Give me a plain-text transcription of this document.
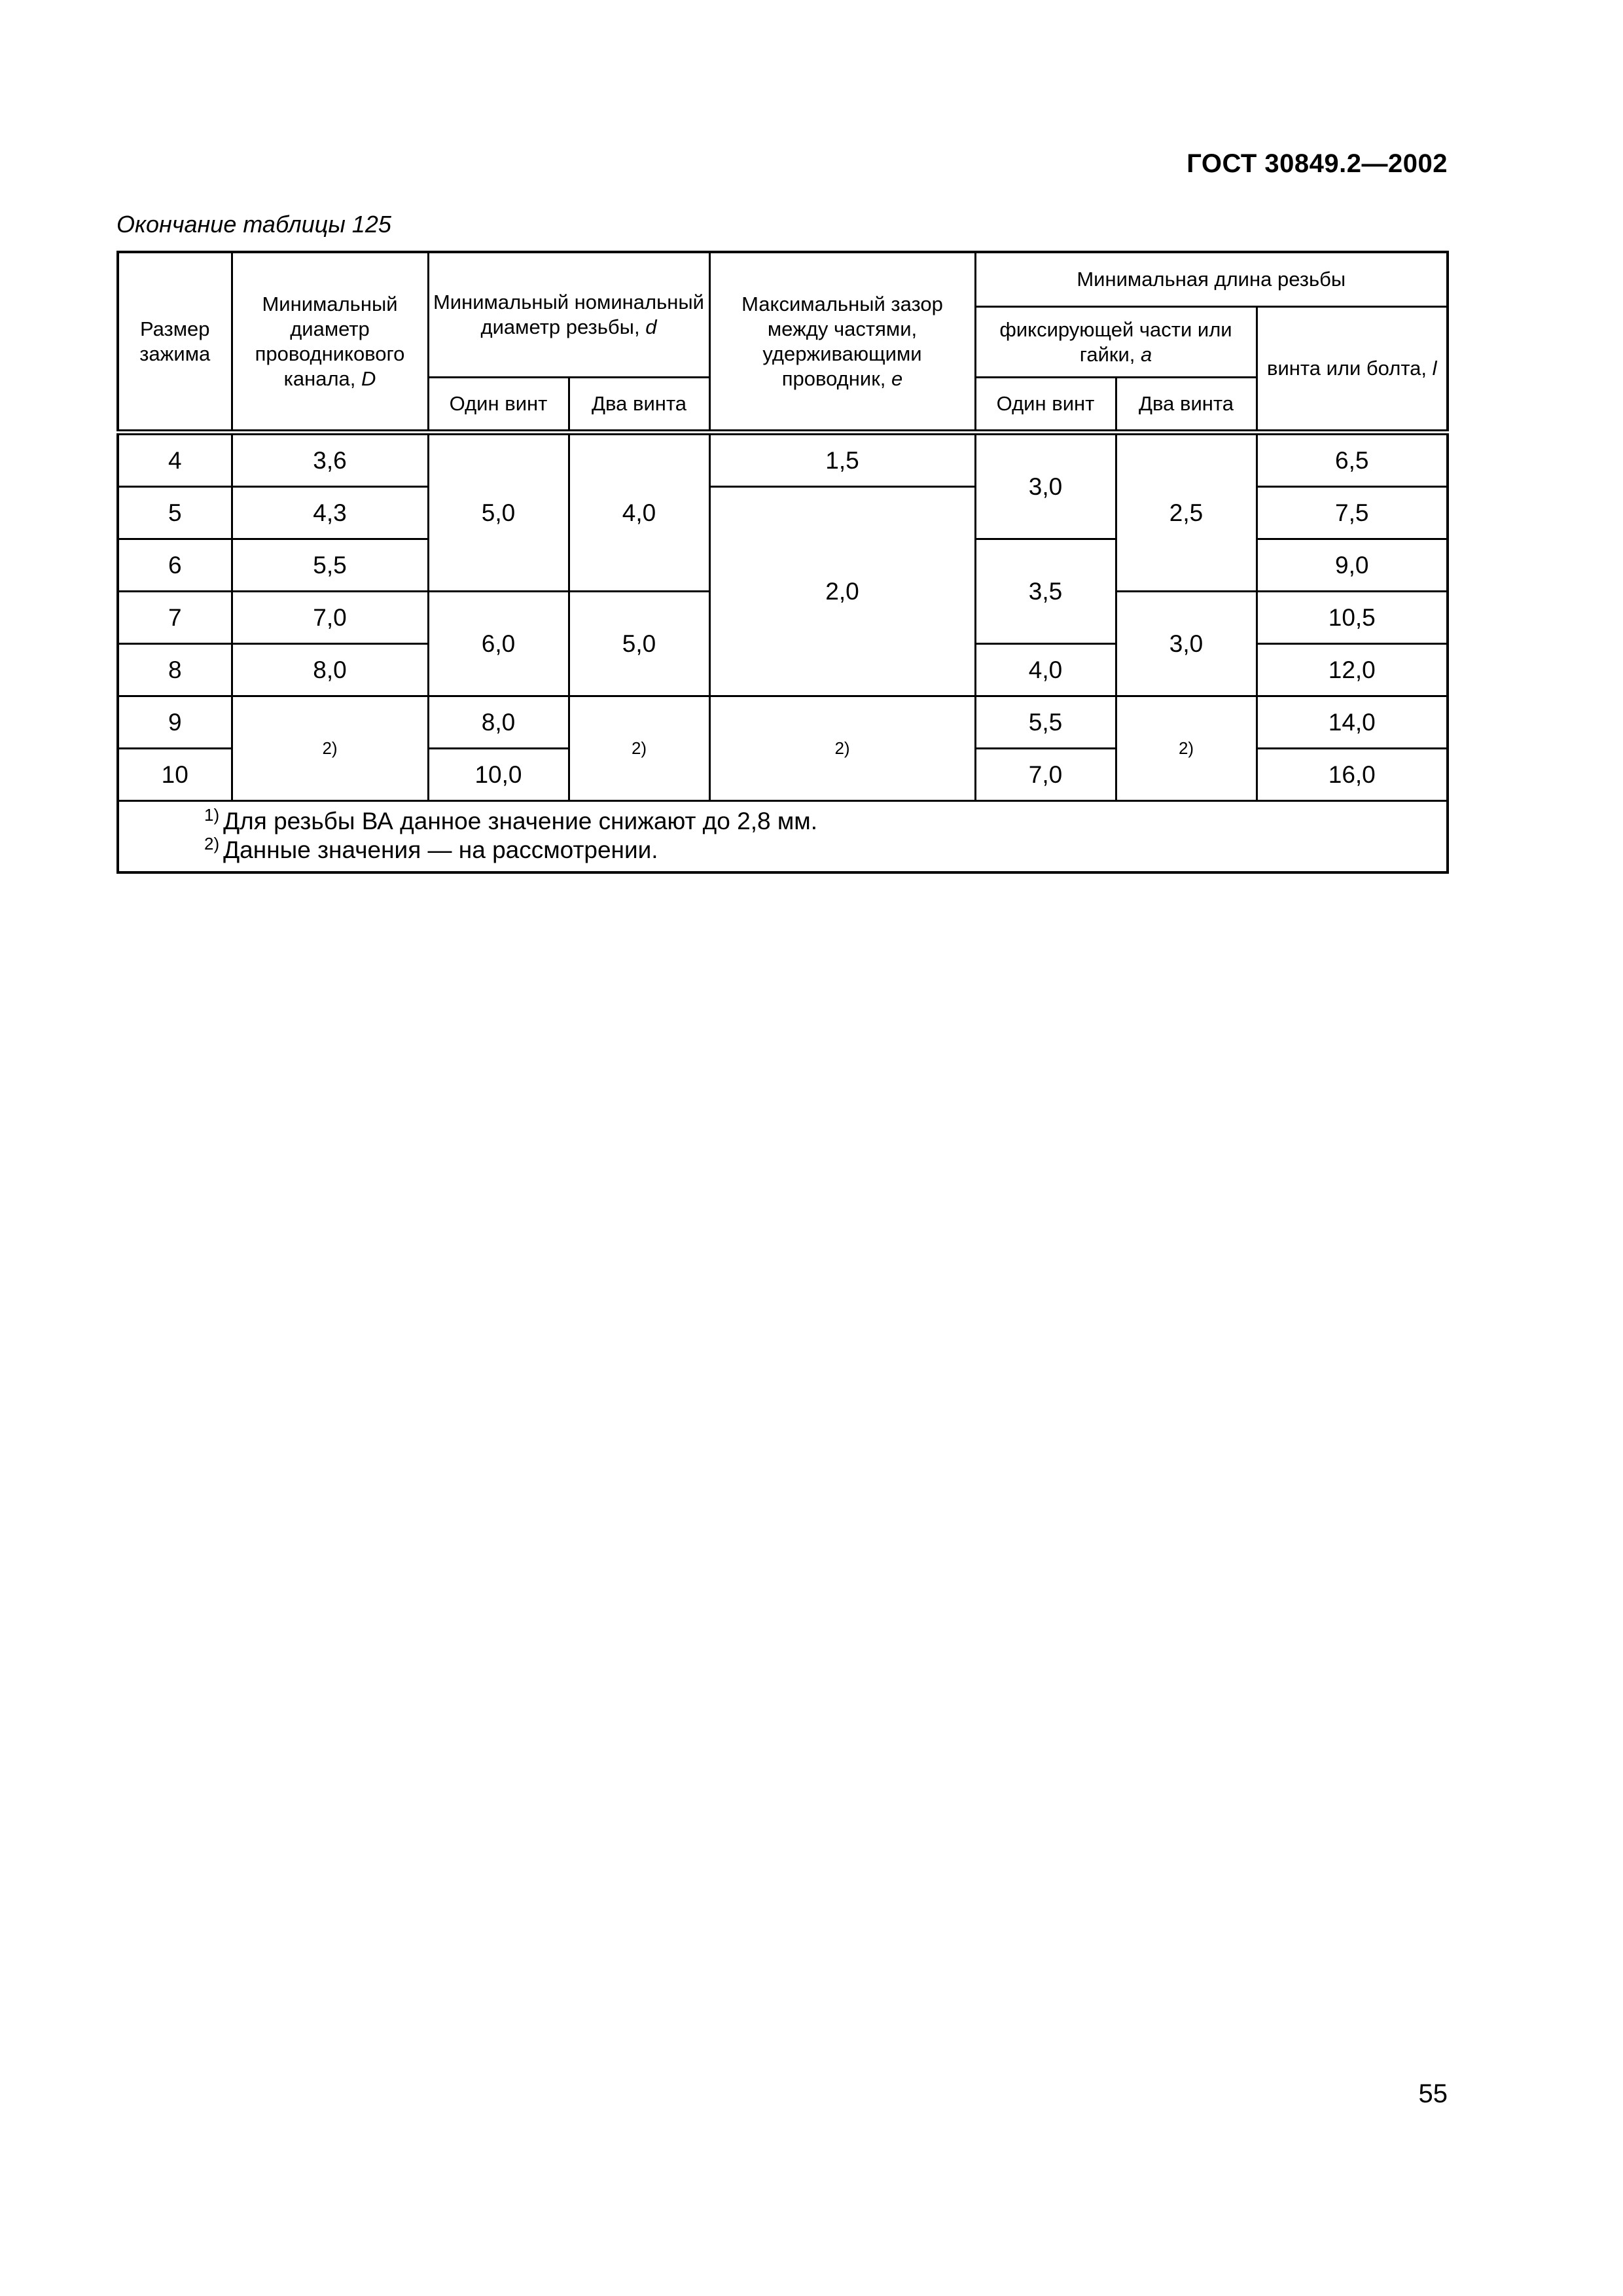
ГОСТ 30849.2—2002
Окончание таблицы 125
Размер зажима	Минимальный диаметр проводникового канала, D	Минимальный номинальный диаметр резьбы, d		Максимальный зазор между частями, удерживающими проводник, e	Минимальная длина резьбы		
					фиксирующей части или гайки, a		винта или болта, l
		Один винт	Два винта		Один винт	Два винта	
4	3,6	5,0	4,0	1,5	3,0	2,5	6,5
5	4,3			2,0			7,5
6	5,5				3,5		9,0
7	7,0	6,0	5,0			3,0	10,5
8	8,0				4,0		12,0
9	2)	8,0	2)	2)	5,5	2)	14,0
10		10,0			7,0		16,0

$^{1)}$ Для резьбы ВА данное значение снижают до 2,8 мм.
$^{2)}$ Данные значения — на рассмотрении.							
55
